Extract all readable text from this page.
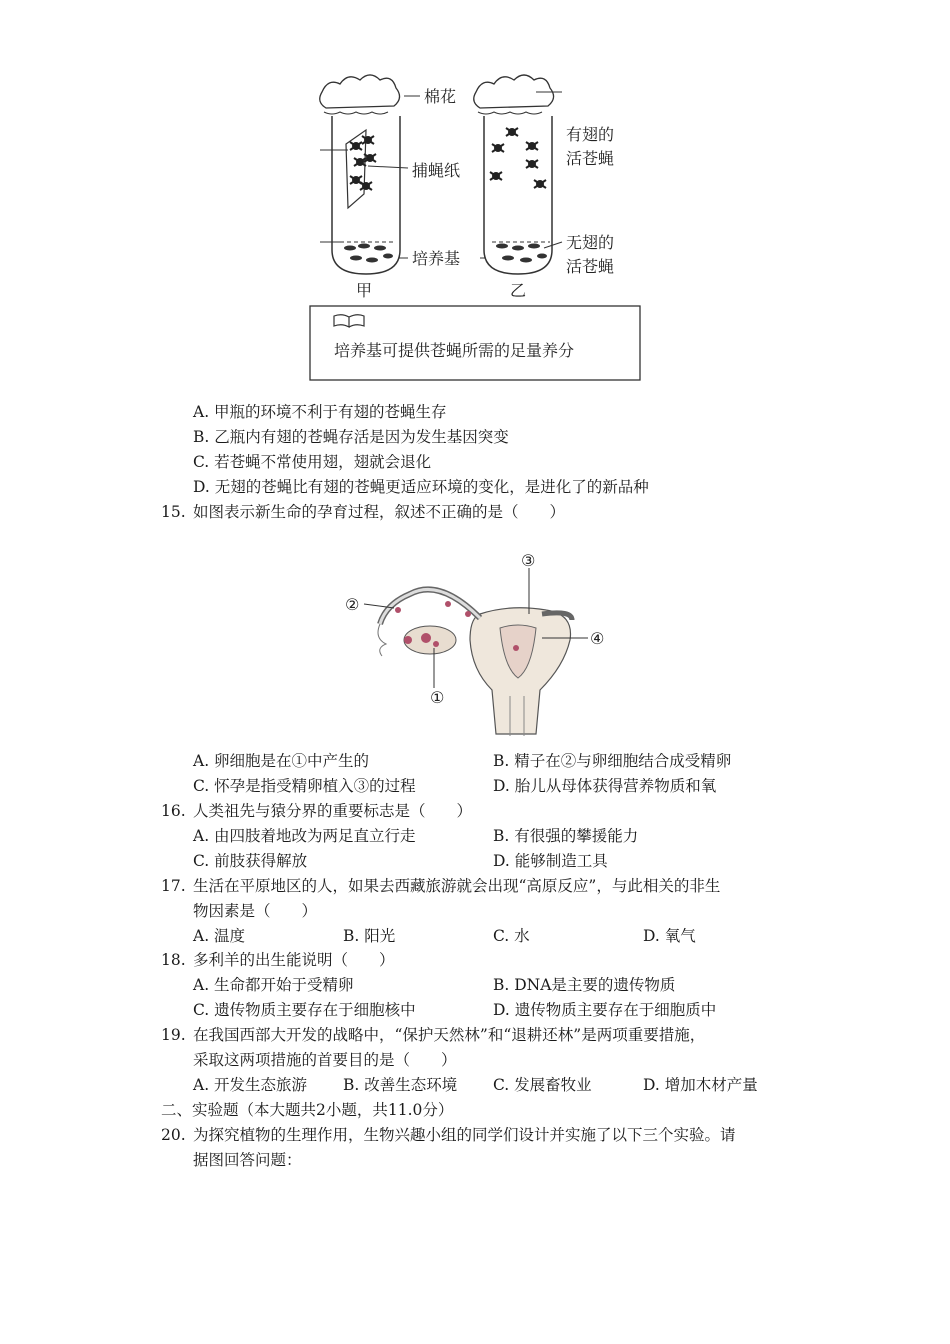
甲	乙
棉花
捕蝇纸
培养基
有翅的
活苍蝇
无翅的
活苍蝇
培养基可提供苍蝇所需的足量养分
A. 甲瓶的环境不利于有翅的苍蝇生存
B. 乙瓶内有翅的苍蝇存活是因为发生基因突变
C. 若苍蝇不常使用翅，翅就会退化
D. 无翅的苍蝇比有翅的苍蝇更适应环境的变化，是进化了的新品种
15. 如图表示新生命的孕育过程，叙述不正确的是（　　）
①
②
③
④
A. 卵细胞是在①中产生的	B. 精子在②与卵细胞结合成受精卵
C. 怀孕是指受精卵植入③的过程	D. 胎儿从母体获得营养物质和氧
16. 人类祖先与猿分界的重要标志是（　　）
A. 由四肢着地改为两足直立行走	B. 有很强的攀援能力
C. 前肢获得解放	D. 能够制造工具
17. 生活在平原地区的人，如果去西藏旅游就会出现“高原反应”，与此相关的非生
物因素是（　　）
A. 温度	B. 阳光	C. 水	D. 氧气
18. 多利羊的出生能说明（　　）
A. 生命都开始于受精卵	B. DNA是主要的遗传物质
C. 遗传物质主要存在于细胞核中	D. 遗传物质主要存在于细胞质中
19. 在我国西部大开发的战略中，“保护天然林”和“退耕还林”是两项重要措施，
采取这两项措施的首要目的是（　　）
A. 开发生态旅游 B. 改善生态环境 C. 发展畜牧业	D. 增加木材产量
二、实验题（本大题共2小题，共11.0分）
20. 为探究植物的生理作用，生物兴趣小组的同学们设计并实施了以下三个实验。请
据图回答问题：
